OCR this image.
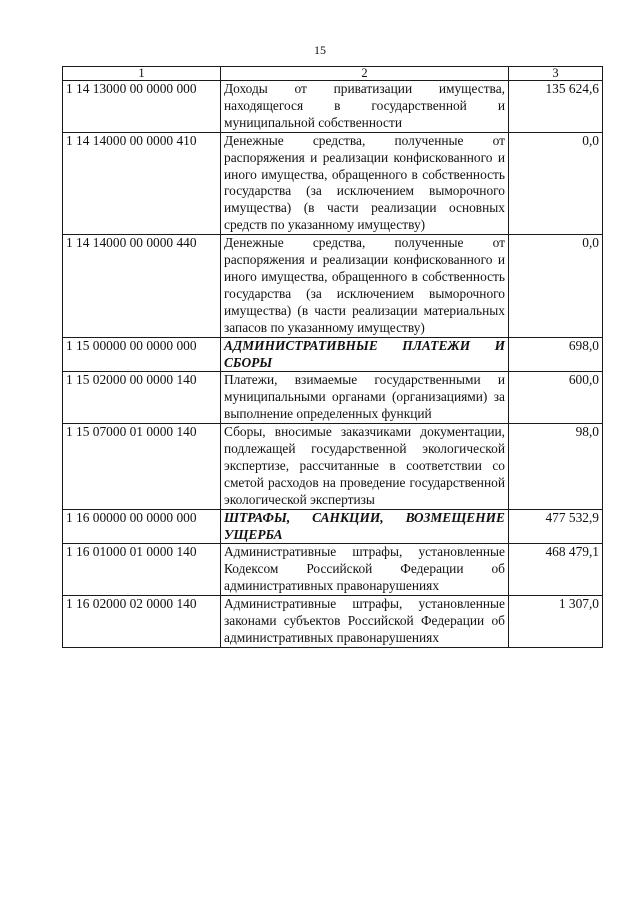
15
1	2	3
1 14 13000 00 0000 000	Доходы от приватизации имущества, находящегося в государственной и муниципальной собственности	135 624,6
1 14 14000 00 0000 410	Денежные средства, полученные от распоряжения и реализации конфискованного и иного имущества, обращенного в собственность государства (за исключением выморочного имущества) (в части реализации основных средств по указанному имуществу)	0,0
1 14 14000 00 0000 440	Денежные средства, полученные от распоряжения и реализации конфискованного и иного имущества, обращенного в собственность государства (за исключением выморочного имущества) (в части реализации материальных запасов по указанному имуществу)	0,0
1 15 00000 00 0000 000	АДМИНИСТРАТИВНЫЕ ПЛАТЕЖИ И СБОРЫ	698,0
1 15 02000 00 0000 140	Платежи, взимаемые государственными и муниципальными органами (организациями) за выполнение определенных функций	600,0
1 15 07000 01 0000 140	Сборы, вносимые заказчиками документации, подлежащей государственной экологической экспертизе, рассчитанные в соответствии со сметой расходов на проведение государственной экологической экспертизы	98,0
1 16 00000 00 0000 000	ШТРАФЫ, САНКЦИИ, ВОЗМЕЩЕНИЕ УЩЕРБА	477 532,9
1 16 01000 01 0000 140	Административные штрафы, установленные Кодексом Российской Федерации об административных правонарушениях	468 479,1
1 16 02000 02 0000 140	Административные штрафы, установленные законами субъектов Российской Федерации об административных правонарушениях	1 307,0
